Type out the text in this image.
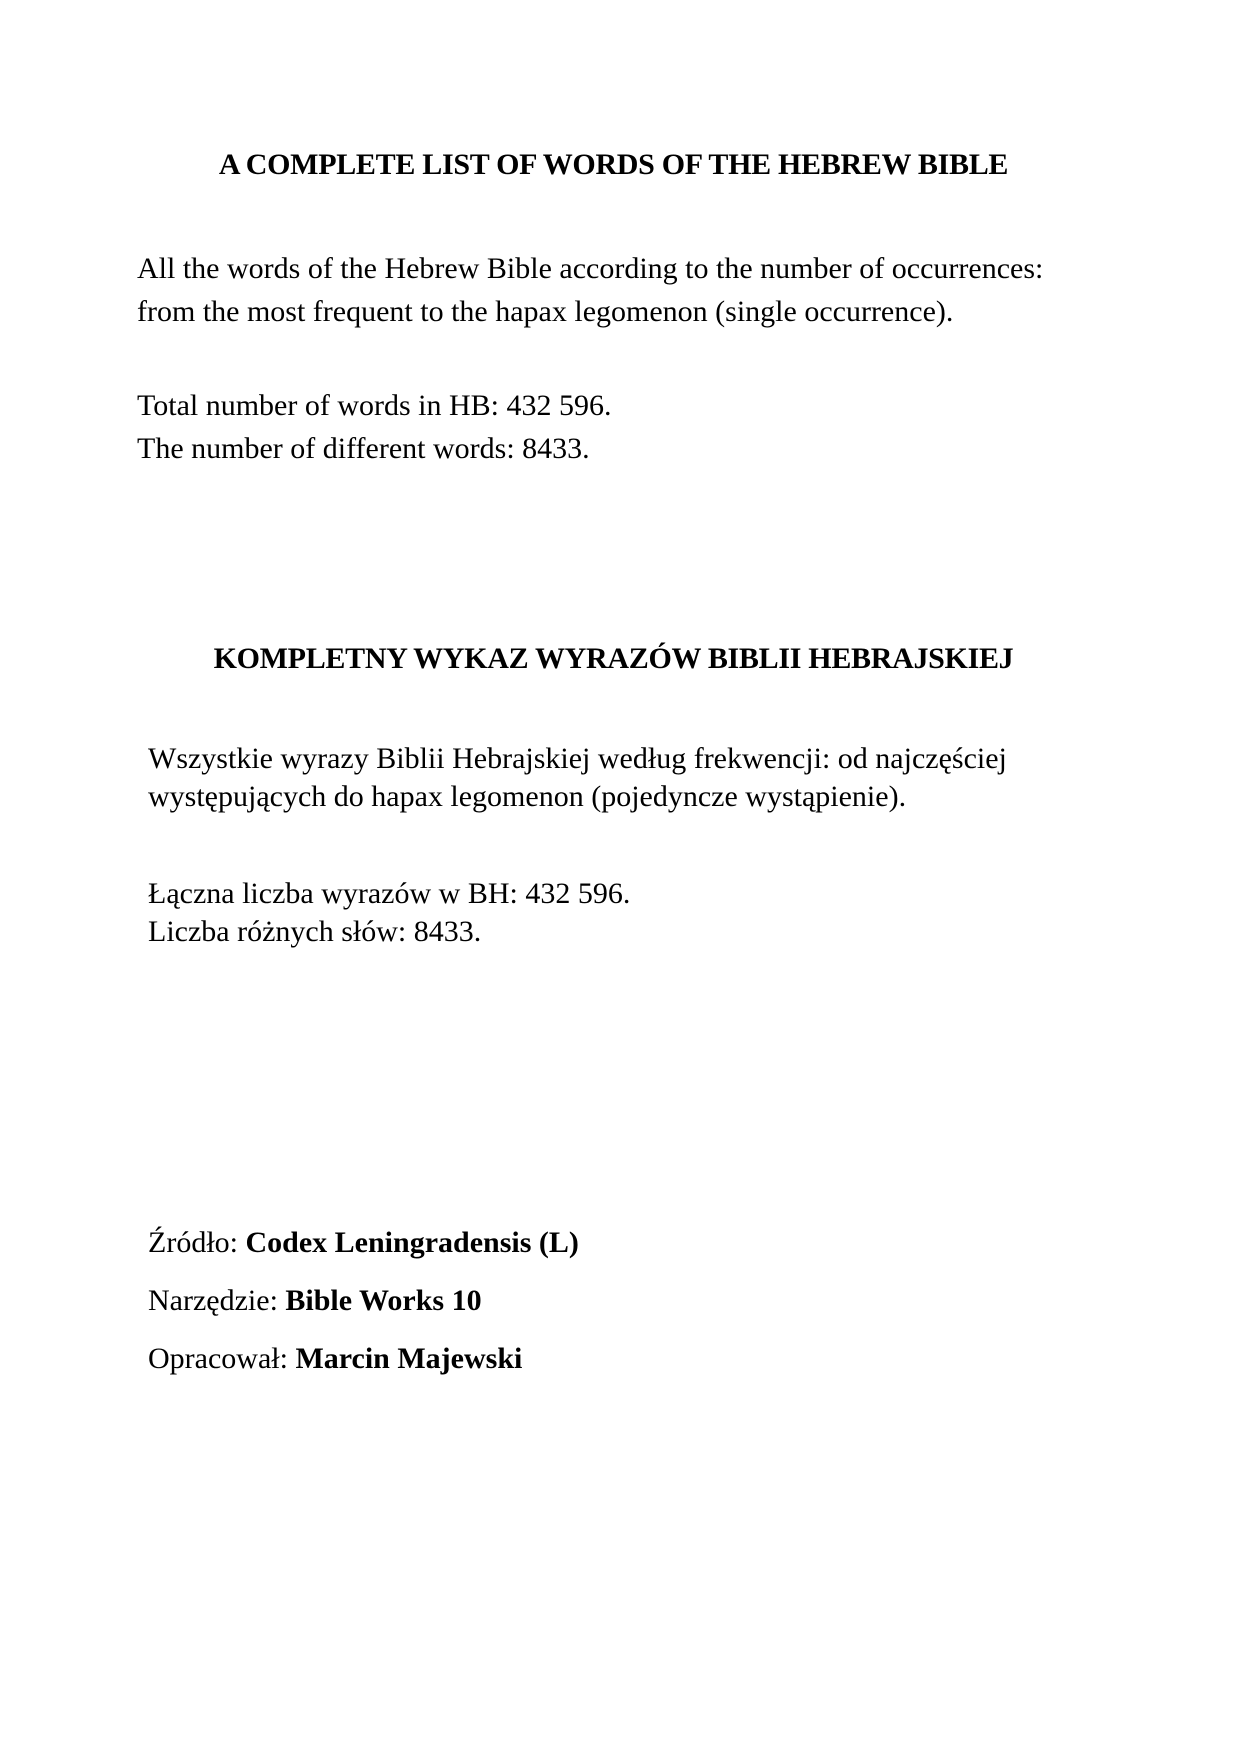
A COMPLETE LIST OF WORDS OF THE HEBREW BIBLE

All the words of the Hebrew Bible according to the number of occurrences:
from the most frequent to the hapax legomenon (single occurrence).

Total number of words in HB: 432 596.
The number of different words: 8433.

KOMPLETNY WYKAZ WYRAZÓW BIBLII HEBRAJSKIEJ

Wszystkie wyrazy Biblii Hebrajskiej według frekwencji: od najczęściej
występujących do hapax legomenon (pojedyncze wystąpienie).

Łączna liczba wyrazów w BH: 432 596.
Liczba różnych słów: 8433.

Źródło: Codex Leningradensis (L)
Narzędzie: Bible Works 10
Opracował: Marcin Majewski
